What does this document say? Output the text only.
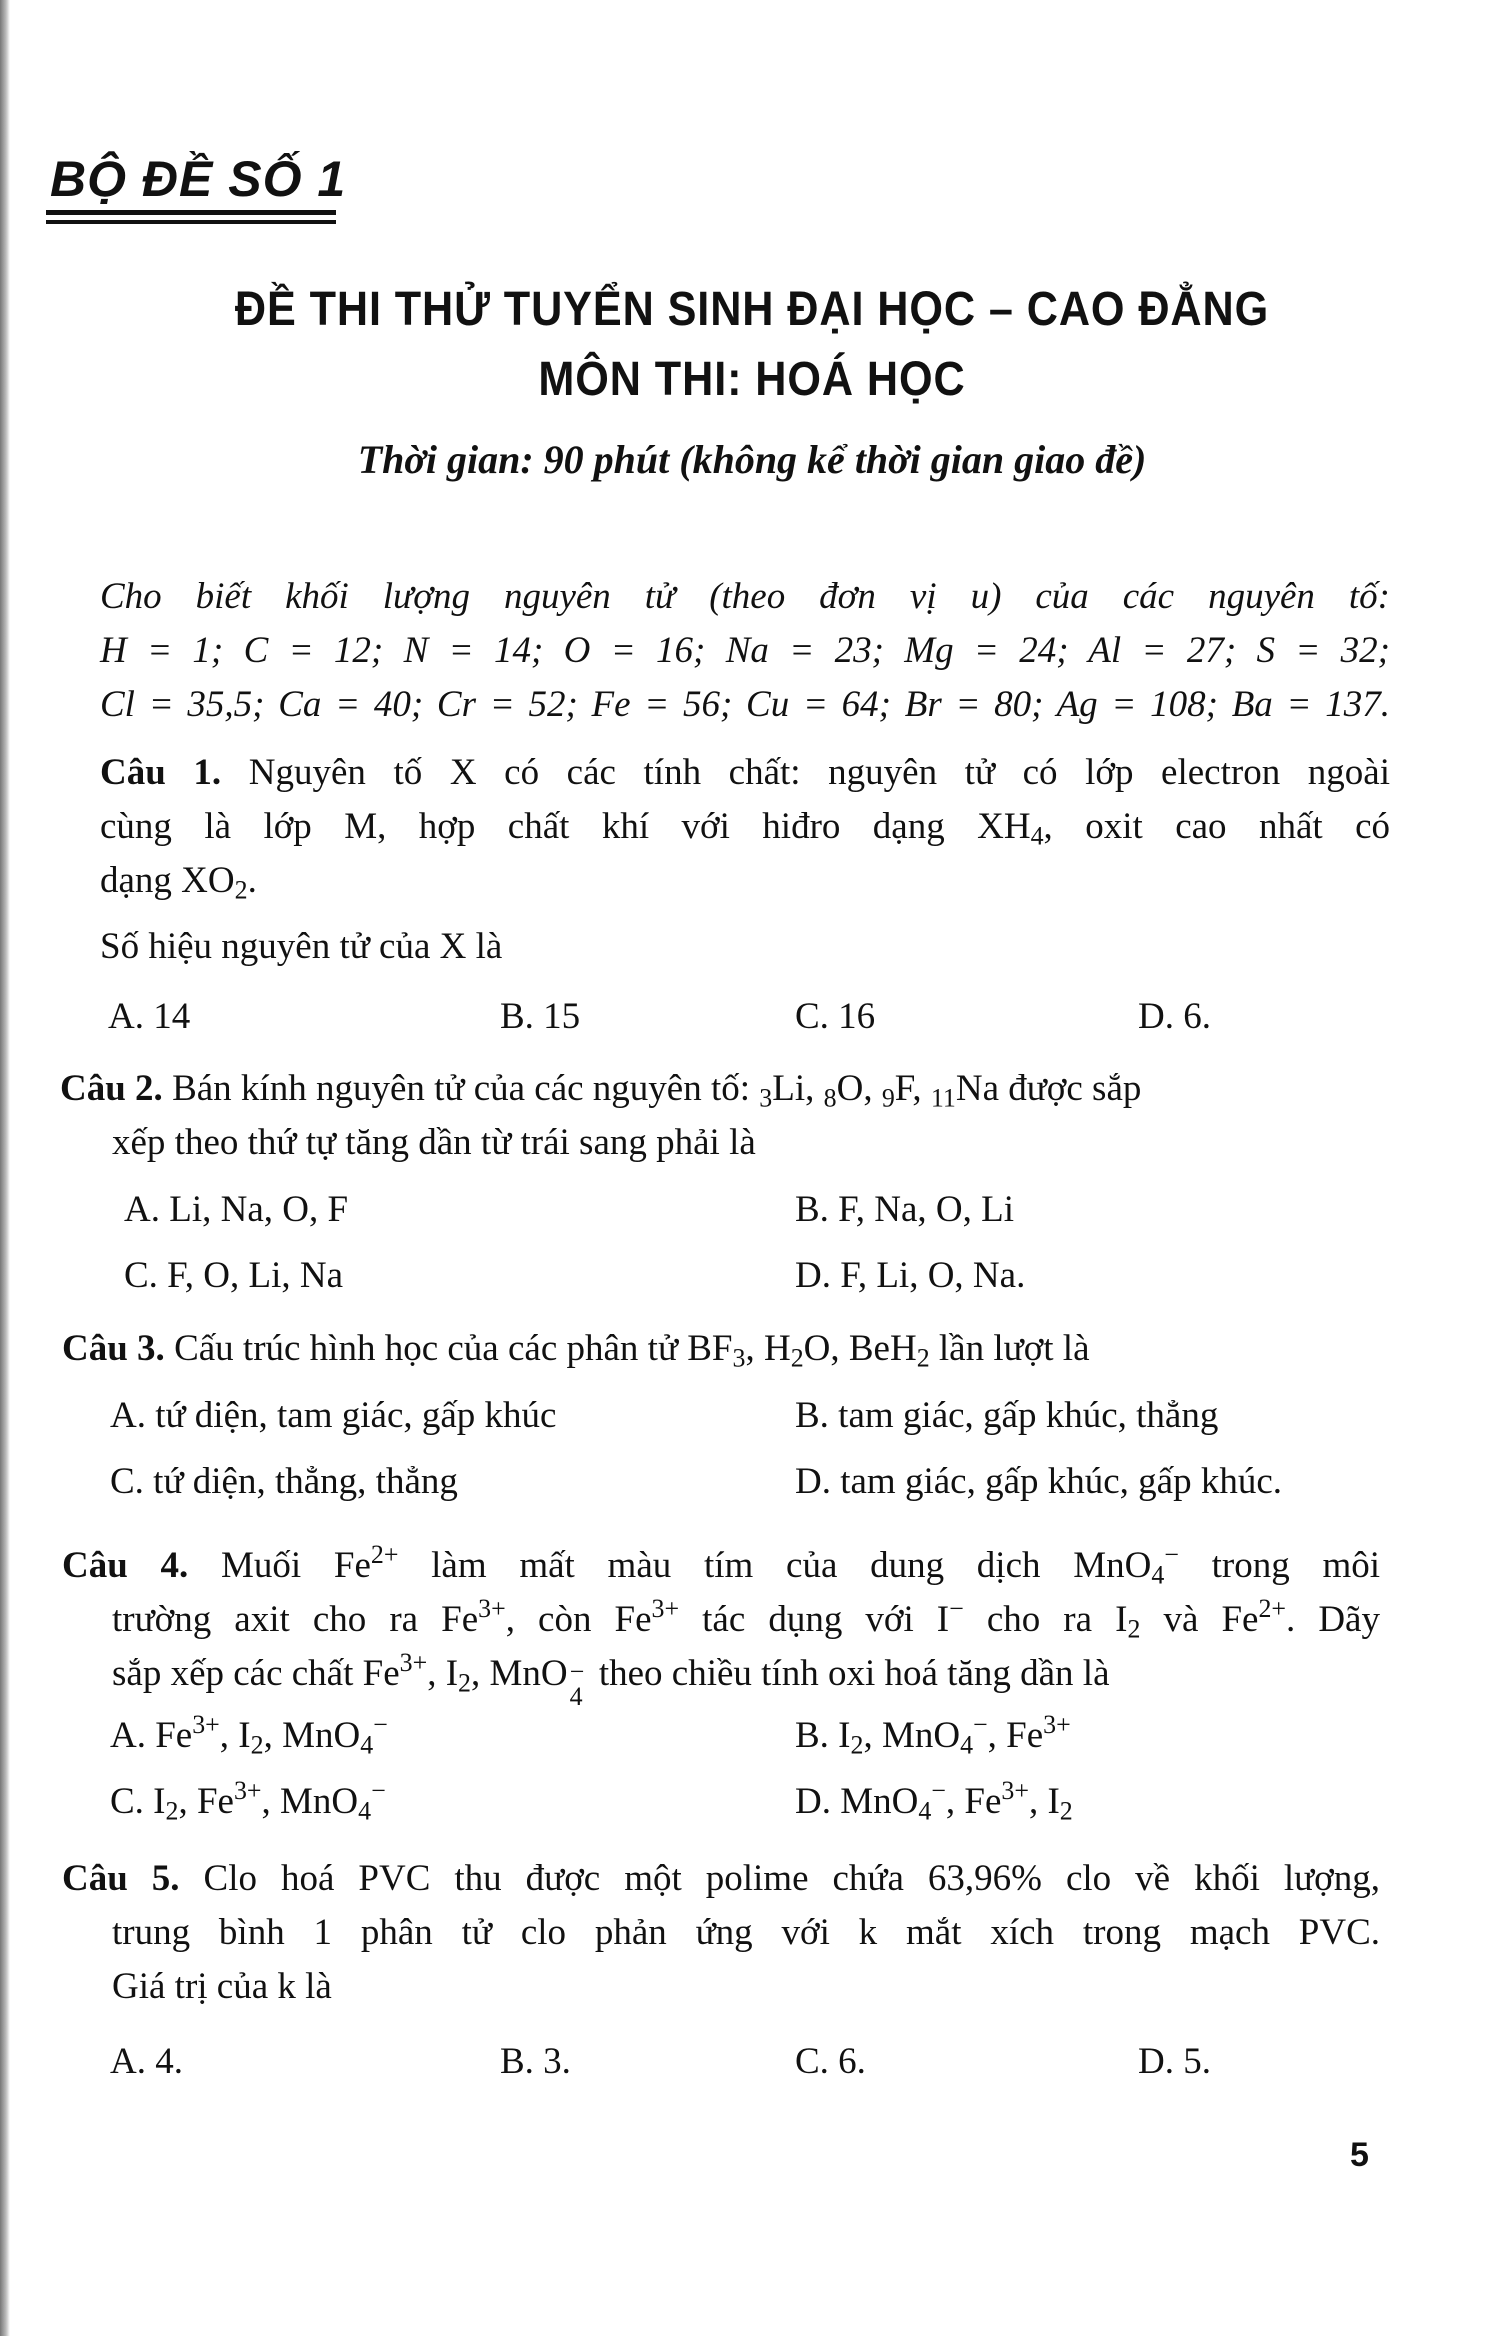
BỘ ĐỀ SỐ 1
ĐỀ THI THỬ TUYỂN SINH ĐẠI HỌC – CAO ĐẲNG
MÔN THI: HOÁ HỌC
Thời gian: 90 phút (không kể thời gian giao đề)
Cho biết khối lượng nguyên tử (theo đơn vị u) của các nguyên tố:
H = 1; C = 12; N = 14; O = 16; Na = 23; Mg = 24; Al = 27; S = 32;
Cl = 35,5; Ca = 40; Cr = 52; Fe = 56; Cu = 64; Br = 80; Ag = 108; Ba = 137.
Câu 1. Nguyên tố X có các tính chất: nguyên tử có lớp electron ngoài
cùng là lớp M, hợp chất khí với hiđro dạng $XH_4$, oxit cao nhất có
dạng $XO_2$.
Số hiệu nguyên tử của X là
A. 14	B. 15	C. 16	D. 6.
Câu 2. Bán kính nguyên tử của các nguyên tố: $_3$Li, $_8$O, $_9$F, $_{11}$Na được sắp
xếp theo thứ tự tăng dần từ trái sang phải là
A. Li, Na, O, F	B. F, Na, O, Li
C. F, O, Li, Na	D. F, Li, O, Na.
Câu 3. Cấu trúc hình học của các phân tử $BF_3$, $H_2O$, BeH$_2$ lần lượt là
A. tứ diện, tam giác, gấp khúc	B. tam giác, gấp khúc, thẳng
C. tứ diện, thẳng, thẳng	D. tam giác, gấp khúc, gấp khúc.
Câu 4. Muối $Fe^{2+}$ làm mất màu tím của dung dịch MnO$_4$− trong môi
trường axit cho ra $Fe^{3+}$, còn $Fe^{3+}$ tác dụng với I− cho ra $I_2$ và $Fe^{2+}$. Dãy
sắp xếp các chất $Fe^{3+}$, $I_2$, MnO −
4
theo chiều tính oxi hoá tăng dần là
A. $Fe^{3+}$, $I_2$, MnO$_4$−	B. $I_2$, MnO$_4$−, $Fe^{3+}$
C. $I_2$, $Fe^{3+}$, MnO$_4$−	D. MnO$_4$−, $Fe^{3+}$, $I_2$
Câu 5. Clo hoá PVC thu được một polime chứa 63,96% clo về khối lượng,
trung bình 1 phân tử clo phản ứng với k mắt xích trong mạch PVC.
Giá trị của k là
A. 4.	B. 3.	C. 6.	D. 5.
5
